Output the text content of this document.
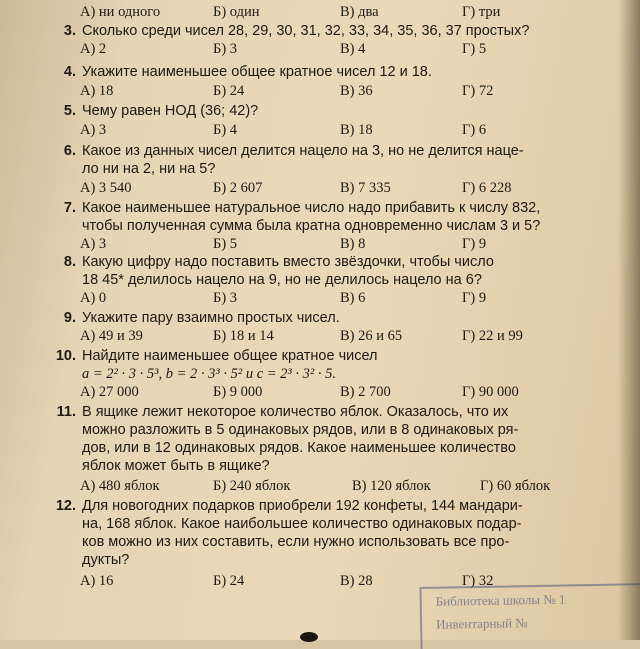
А) ни одного	Б) один	В) два	Г) три
3. Сколько среди чисел 28, 29, 30, 31, 32, 33, 34, 35, 36, 37 простых?
А) 2	Б) 3	В) 4	Г) 5
4. Укажите наименьшее общее кратное чисел 12 и 18.
А) 18	Б) 24	В) 36	Г) 72
5. Чему равен НОД (36; 42)?
А) 3	Б) 4	В) 18	Г) 6
6. Какое из данных чисел делится нацело на 3, но не делится наце-
ло ни на 2, ни на 5?
А) 3 540	Б) 2 607	В) 7 335	Г) 6 228
7. Какое наименьшее натуральное число надо прибавить к числу 832,
чтобы полученная сумма была кратна одновременно числам 3 и 5?
А) 3	Б) 5	В) 8	Г) 9
8. Какую цифру надо поставить вместо звёздочки, чтобы число
18 45* делилось нацело на 9, но не делилось нацело на 6?
А) 0	Б) 3	В) 6	Г) 9
9. Укажите пару взаимно простых чисел.
А) 49 и 39	Б) 18 и 14	В) 26 и 65	Г) 22 и 99
10. Найдите наименьшее общее кратное чисел
a = 2² · 3 · 5³, b = 2 · 3³ · 5² и c = 2³ · 3² · 5.
А) 27 000	Б) 9 000	В) 2 700	Г) 90 000
11. В ящике лежит некоторое количество яблок. Оказалось, что их
можно разложить в 5 одинаковых рядов, или в 8 одинаковых ря-
дов, или в 12 одинаковых рядов. Какое наименьшее количество
яблок может быть в ящике?
А) 480 яблок	Б) 240 яблок	В) 120 яблок	Г) 60 яблок
12. Для новогодних подарков приобрели 192 конфеты, 144 мандари-
на, 168 яблок. Какое наибольшее количество одинаковых подар-
ков можно из них составить, если нужно использовать все про-
дукты?
А) 16	Б) 24	В) 28	Г) 32
Библиотека школы № 1
Инвентарный №
